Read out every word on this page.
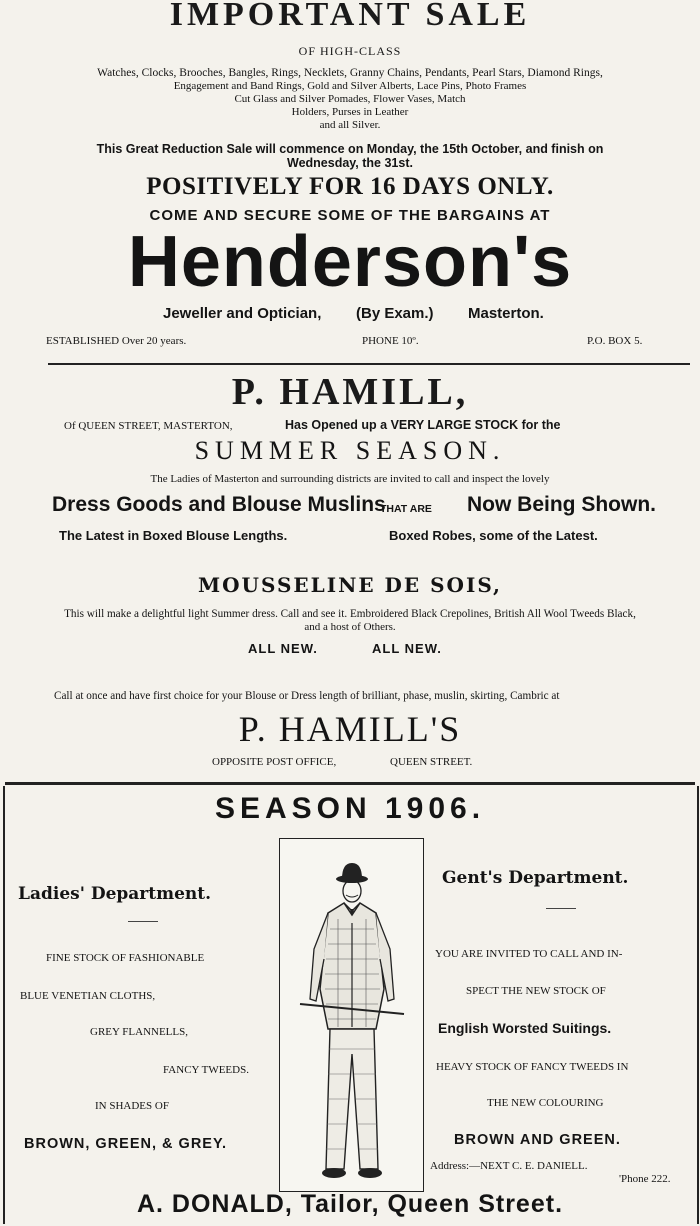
IMPORTANT SALE
OF HIGH-CLASS
Watches, Clocks, Brooches, Bangles, Rings, Necklets, Granny Chains, Pendants, Pearl Stars, Diamond Rings,
Engagement and Band Rings, Gold and Silver Alberts, Lace Pins, Photo Frames
Cut Glass and Silver Pomades, Flower Vases, Match
Holders, Purses in Leather
and all Silver.
This Great Reduction Sale will commence on Monday, the 15th October, and finish on
Wednesday, the 31st.
POSITIVELY FOR 16 DAYS ONLY.
COME AND SECURE SOME OF THE BARGAINS AT
Henderson's
Jeweller and Optician, (By Exam.) Masterton.
ESTABLISHED Over 20 years.	PHONE 10º.	P.O. BOX 5.
P. HAMILL,
Of QUEEN STREET, MASTERTON,	Has Opened up a VERY LARGE STOCK for the
SUMMER SEASON.
The Ladies of Masterton and surrounding districts are invited to call and inspect the lovely
Dress Goods and Blouse Muslins
THAT ARE Now Being Shown.
The Latest in Boxed Blouse Lengths.	Boxed Robes, some of the Latest.
MOUSSELINE DE SOIS,
This will make a delightful light Summer dress. Call and see it. Embroidered Black Crepolines, British All Wool Tweeds Black,
and a host of Others.
ALL NEW.	ALL NEW.
Call at once and have first choice for your Blouse or Dress length of brilliant, phase, muslin, skirting, Cambric at
P. HAMILL'S
OPPOSITE POST OFFICE,	QUEEN STREET.
SEASON 1906.
Ladies' Department.
FINE STOCK OF FASHIONABLE
BLUE VENETIAN CLOTHS,
GREY FLANNELLS,
FANCY TWEEDS.
IN SHADES OF
BROWN, GREEN, & GREY.
Gent's Department.
YOU ARE INVITED TO CALL AND IN-
SPECT THE NEW STOCK OF
English Worsted Suitings.
HEAVY STOCK OF FANCY TWEEDS IN
THE NEW COLOURING
BROWN AND GREEN.
Address:—NEXT C. E. DANIELL.
'Phone 222.
A. DONALD, Tailor, Queen Street.
